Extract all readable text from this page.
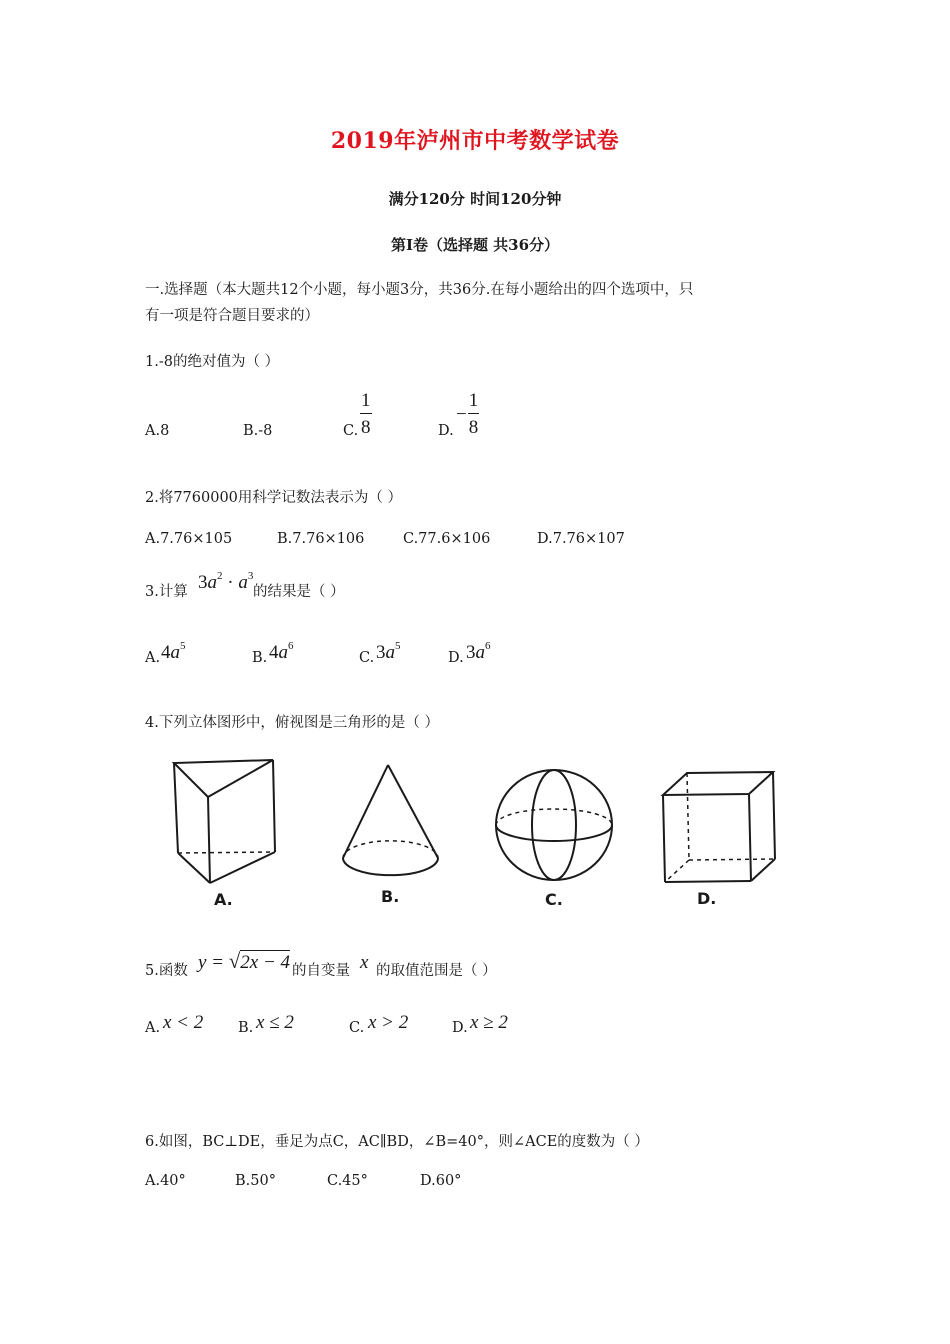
2019年泸州市中考数学试卷
满分120分 时间120分钟
第I卷（选择题 共36分）
一.选择题（本大题共12个小题，每小题3分，共36分.在每小题给出的四个选项中，只
有一项是符合题目要求的）
1.-8的绝对值为（ ）
A.8	B.-8	C. $\frac{1}{8}$	D.
− $\frac{1}{8}$
2.将7760000用科学记数法表示为（ ）
A.7.76×105	B.7.76×106	C.77.6×106	D.7.76×107
3.计算 $3a^2 \cdot a^3$
的结果是（ ）
A. $4a^5$
B. $4a^6$
C. $3a^5$
D. $3a^6$
4.下列立体图形中，俯视图是三角形的是（ ）
A.	B.	C.	D.
5.函数 y = √2x − 4 的自变量 x 的取值范围是（ ）
A. x < 2 B. x ≤ 2	C. x > 2	D. x ≥ 2
6.如图，BC⊥DE，垂足为点C，AC∥BD，∠B=40°，则∠ACE的度数为（ ）
A.40°	B.50°	C.45°	D.60°
